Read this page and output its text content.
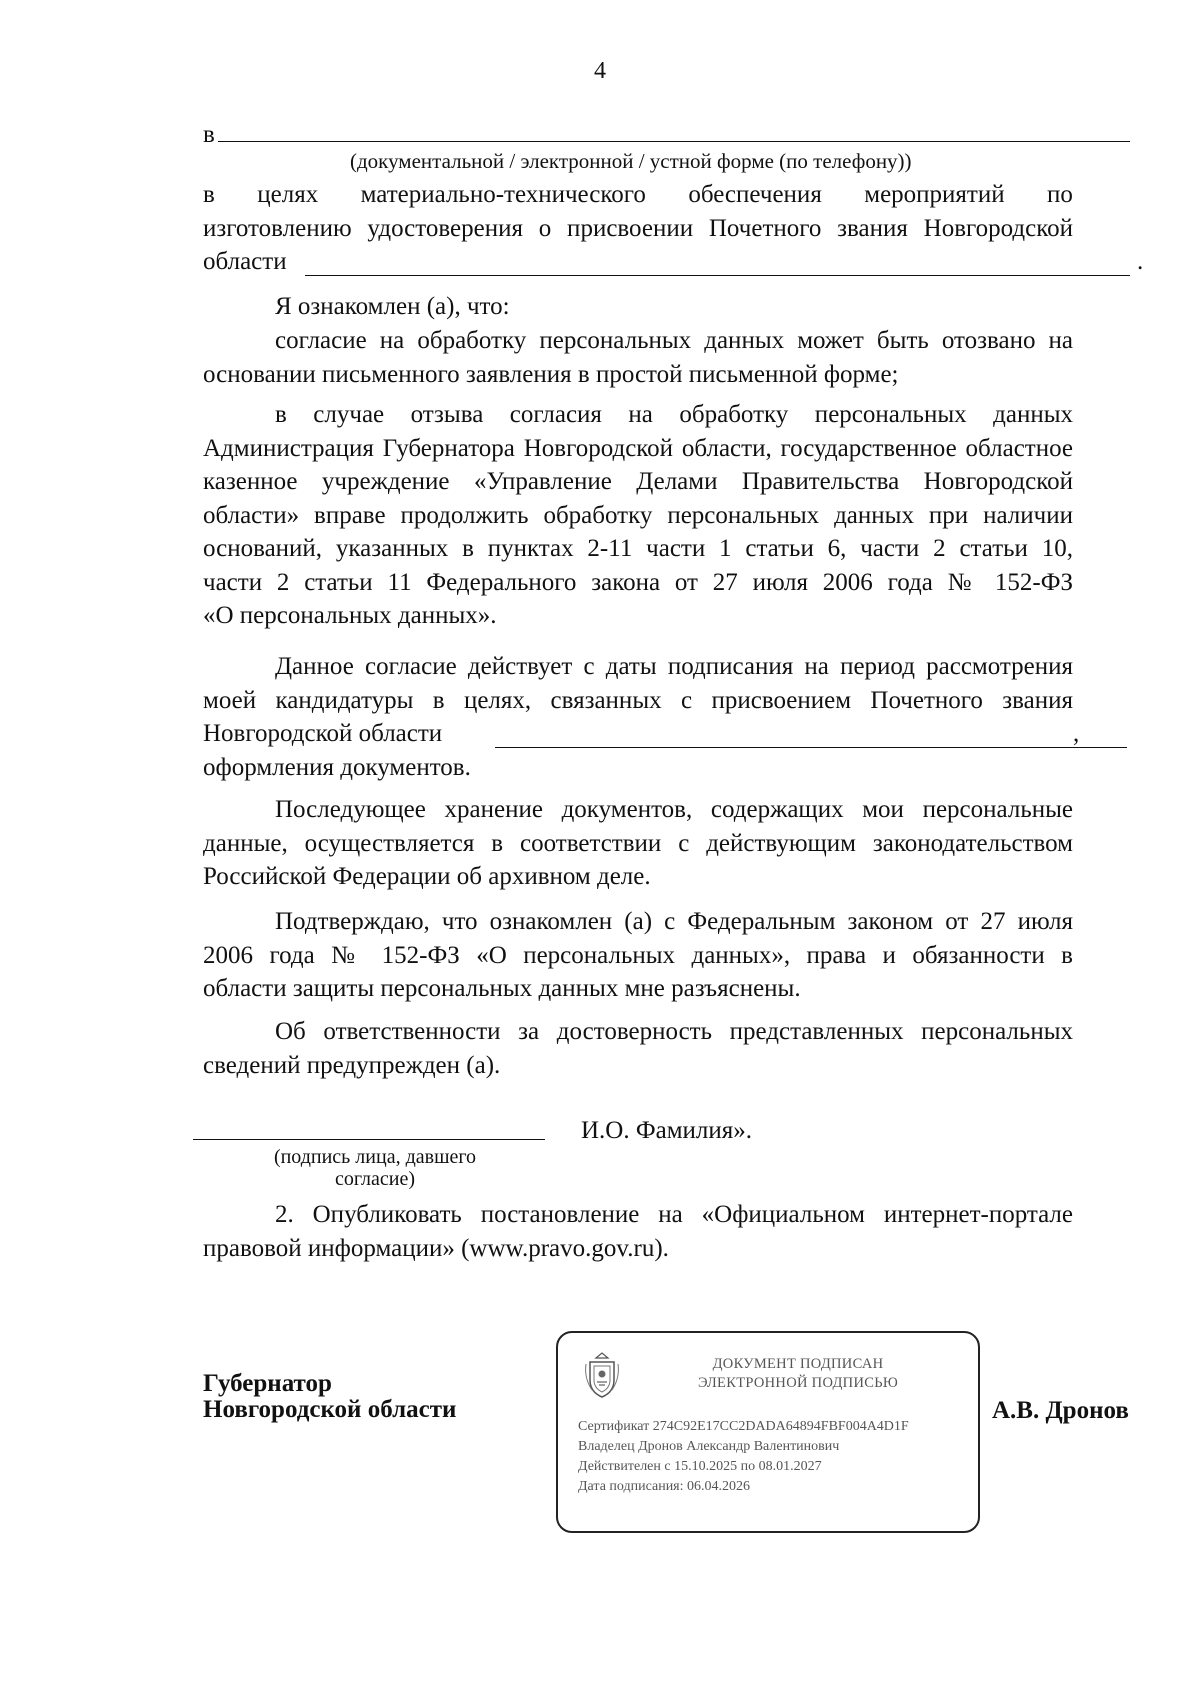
4
в
(документальной / электронной / устной форме (по телефону))
в целях материально-технического обеспечения мероприятий по
изготовлению удостоверения о присвоении Почетного звания Новгородской
области	.
Я ознакомлен (а), что:
согласие на обработку персональных данных может быть отозвано на
основании письменного заявления в простой письменной форме;
в случае отзыва согласия на обработку персональных данных
Администрация Губернатора Новгородской области, государственное областное
казенное учреждение «Управление Делами Правительства Новгородской
области» вправе продолжить обработку персональных данных при наличии
оснований, указанных в пунктах 2-11 части 1 статьи 6, части 2 статьи 10,
части 2 статьи 11 Федерального закона от 27 июля 2006 года № 152-ФЗ
«О персональных данных».
Данное согласие действует с даты подписания на период рассмотрения
моей кандидатуры в целях, связанных с присвоением Почетного звания
Новгородской области	,
оформления документов.
Последующее хранение документов, содержащих мои персональные
данные, осуществляется в соответствии с действующим законодательством
Российской Федерации об архивном деле.
Подтверждаю, что ознакомлен (а) с Федеральным законом от 27 июля
2006 года № 152-ФЗ «О персональных данных», права и обязанности в
области защиты персональных данных мне разъяснены.
Об ответственности за достоверность представленных персональных
сведений предупрежден (а).
И.О. Фамилия».
(подпись лица, давшего
согласие)
2. Опубликовать постановление на «Официальном интернет-портале
правовой информации» (www.pravo.gov.ru).
Губернатор
Новгородской области	А.В. Дронов
ДОКУМЕНТ ПОДПИСАН
ЭЛЕКТРОННОЙ ПОДПИСЬЮ
Сертификат 274C92E17CC2DADA64894FBF004A4D1F
Владелец Дронов Александр Валентинович
Действителен с 15.10.2025 по 08.01.2027
Дата подписания: 06.04.2026
